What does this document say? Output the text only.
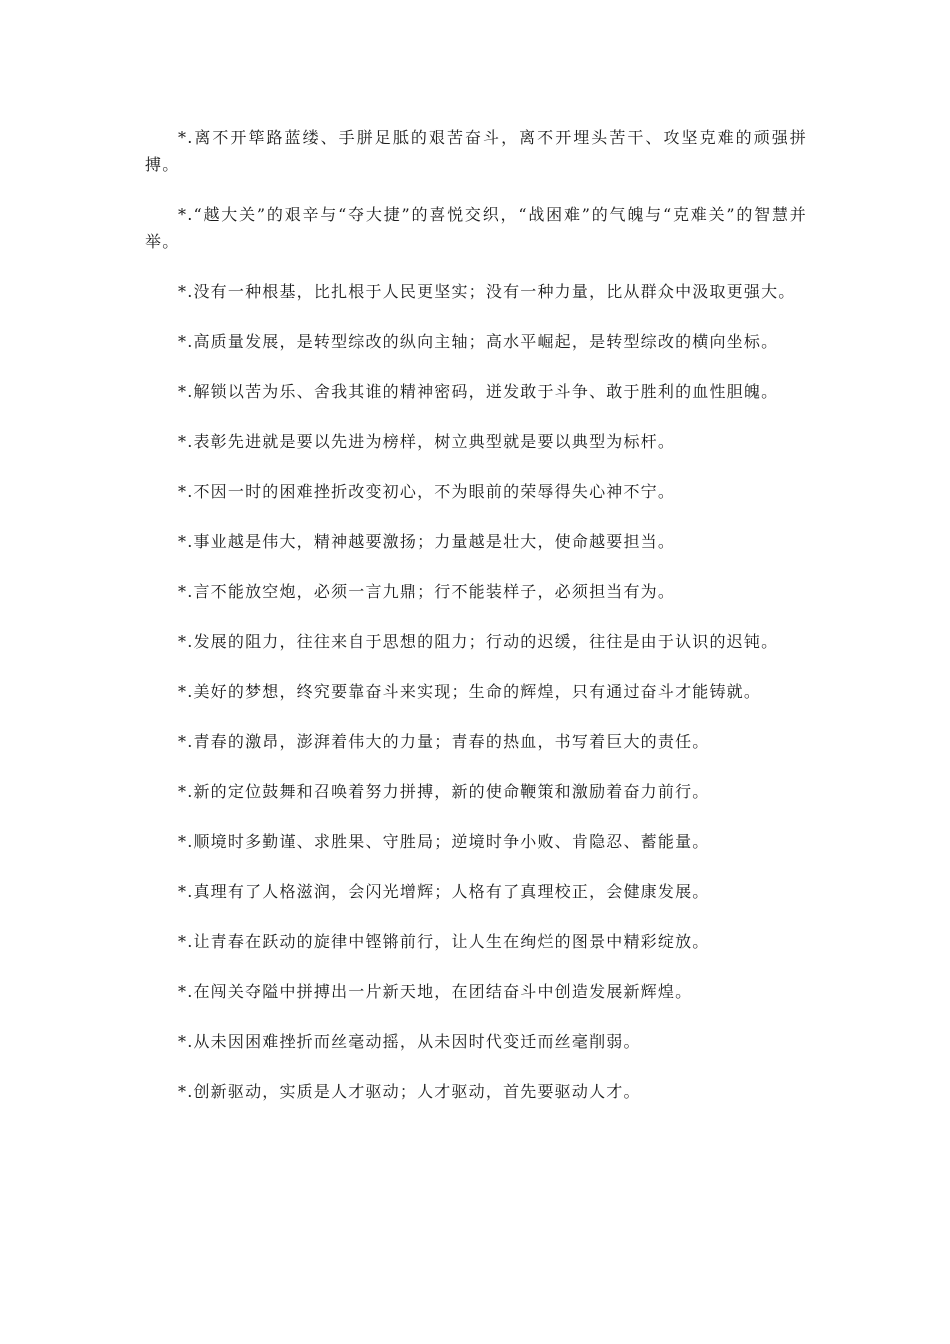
*.离不开筚路蓝缕、手胼足胝的艰苦奋斗，离不开埋头苦干、攻坚克难的顽强拼搏。

*.“越大关”的艰辛与“夺大捷”的喜悦交织，“战困难”的气魄与“克难关”的智慧并举。

*.没有一种根基，比扎根于人民更坚实；没有一种力量，比从群众中汲取更强大。

*.高质量发展，是转型综改的纵向主轴；高水平崛起，是转型综改的横向坐标。

*.解锁以苦为乐、舍我其谁的精神密码，迸发敢于斗争、敢于胜利的血性胆魄。

*.表彰先进就是要以先进为榜样，树立典型就是要以典型为标杆。

*.不因一时的困难挫折改变初心，不为眼前的荣辱得失心神不宁。

*.事业越是伟大，精神越要激扬；力量越是壮大，使命越要担当。

*.言不能放空炮，必须一言九鼎；行不能装样子，必须担当有为。

*.发展的阻力，往往来自于思想的阻力；行动的迟缓，往往是由于认识的迟钝。

*.美好的梦想，终究要靠奋斗来实现；生命的辉煌，只有通过奋斗才能铸就。

*.青春的激昂，澎湃着伟大的力量；青春的热血，书写着巨大的责任。

*.新的定位鼓舞和召唤着努力拼搏，新的使命鞭策和激励着奋力前行。

*.顺境时多勤谨、求胜果、守胜局；逆境时争小败、肯隐忍、蓄能量。

*.真理有了人格滋润，会闪光增辉；人格有了真理校正，会健康发展。

*.让青春在跃动的旋律中铿锵前行，让人生在绚烂的图景中精彩绽放。

*.在闯关夺隘中拼搏出一片新天地，在团结奋斗中创造发展新辉煌。

*.从未因困难挫折而丝毫动摇，从未因时代变迁而丝毫削弱。

*.创新驱动，实质是人才驱动；人才驱动，首先要驱动人才。
